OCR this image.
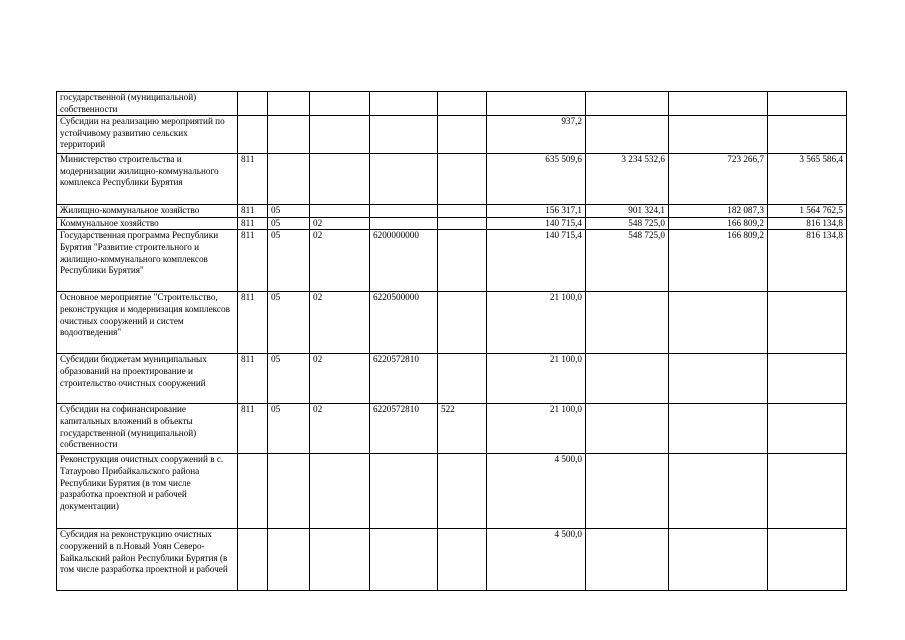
государственной (муниципальной) собственности									
Субсидии на реализацию мероприятий по устойчивому развитию сельских территорий						937,2			
Министерство строительства и модернизации жилищно-коммунального комплекса Республики Бурятия	811					635 509,6	3 234 532,6	723 266,7	3 565 586,4
Жилищно-коммунальное хозяйство	811	05				156 317,1	901 324,1	182 087,3	1 564 762,5
Коммунальное хозяйство	811	05	02			140 715,4	548 725,0	166 809,2	816 134,8
Государственная программа Республики Бурятия "Развитие строительного и жилищно-коммунального комплексов Республики Бурятия"	811	05	02	6200000000		140 715,4	548 725,0	166 809,2	816 134,8
Основное мероприятие "Строительство, реконструкция и модернизация комплексов очистных сооружений и систем водоотведения"	811	05	02	6220500000		21 100,0			
Субсидии бюджетам муниципальных образований на проектирование и строительство очистных сооружений	811	05	02	6220572810		21 100,0			
Субсидии на софинансирование капитальных вложений в объекты государственной (муниципальной) собственности	811	05	02	6220572810	522	21 100,0			
Реконструкция очистных сооружений в с. Татаурово Прибайкальского района Республики Бурятия (в том числе разработка проектной и рабочей документации)						4 500,0			
Субсидия на реконструкцию очистных сооружений в п.Новый Уоян Северо-Байкальский район Республики Бурятия (в том числе разработка проектной и рабочей						4 500,0			
